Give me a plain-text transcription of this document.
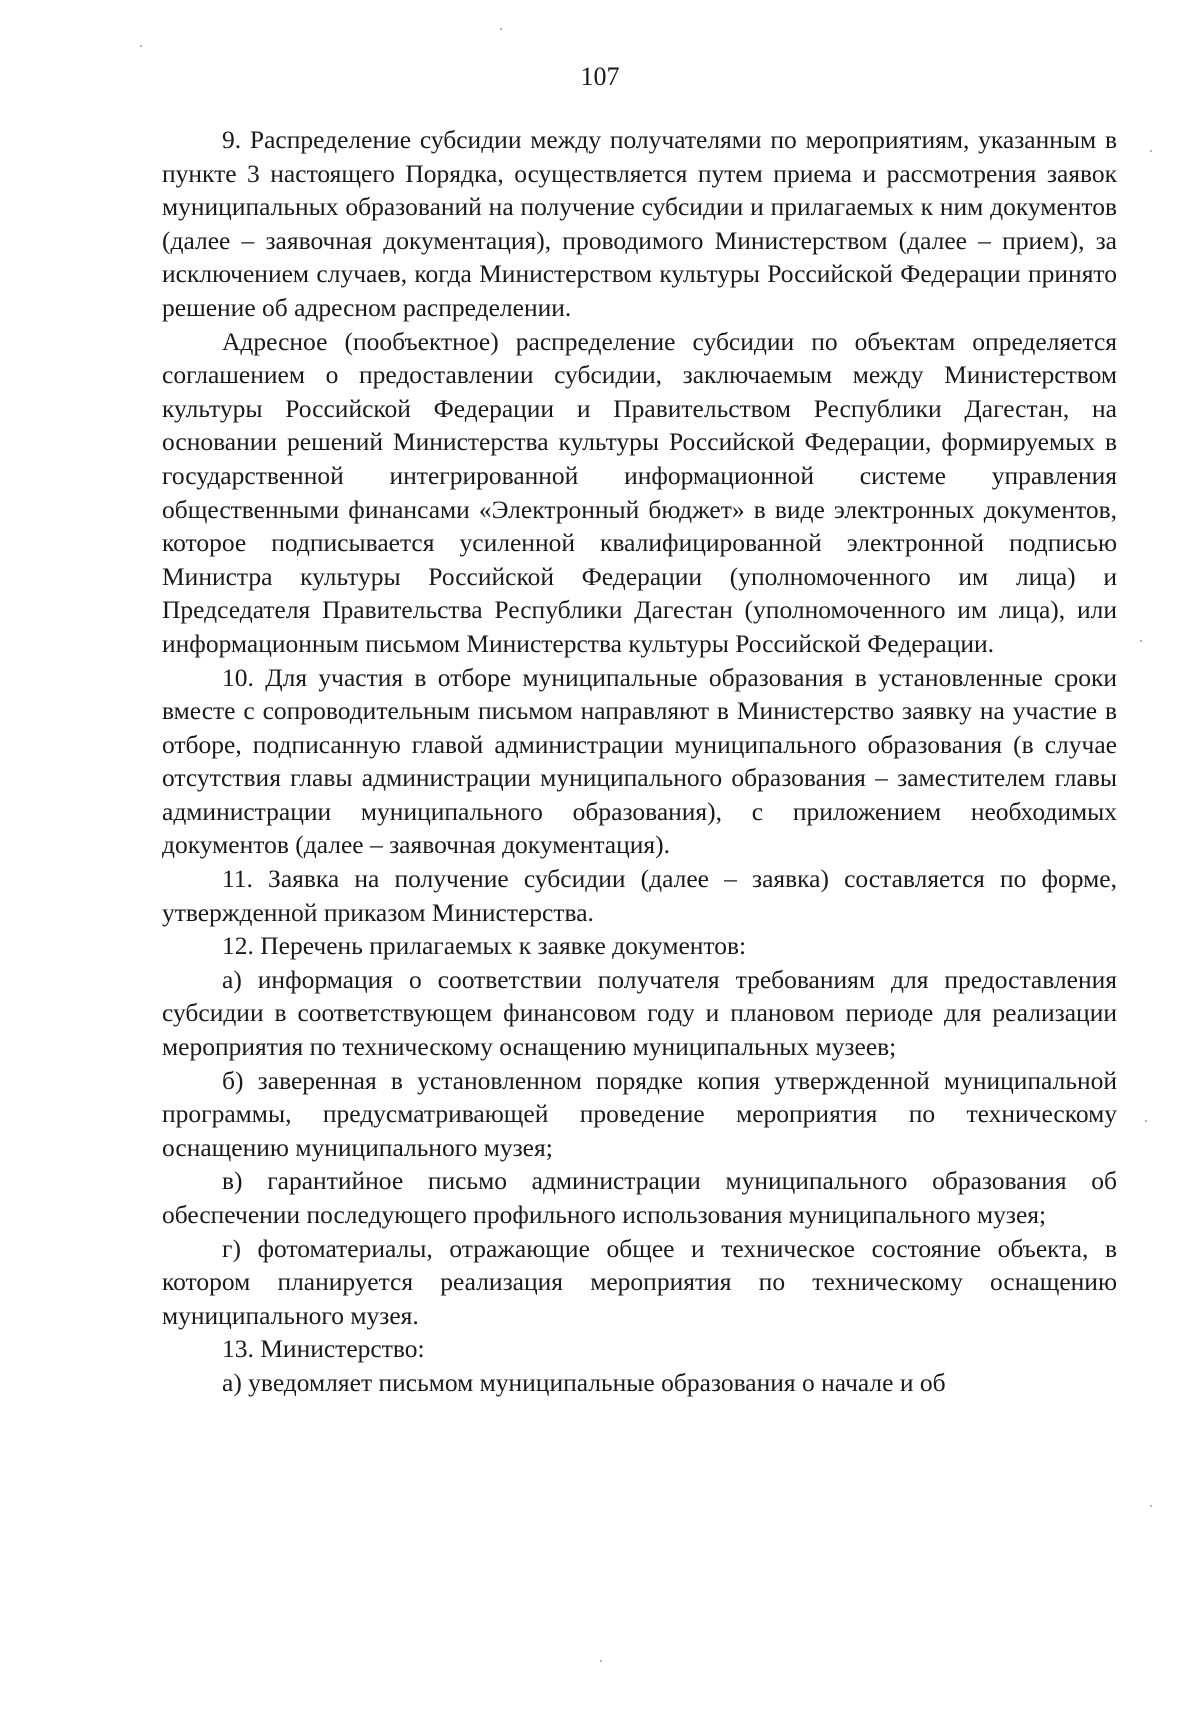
107

9. Распределение субсидии между получателями по мероприятиям, указанным в пункте 3 настоящего Порядка, осуществляется путем приема и рассмотрения заявок муниципальных образований на получение субсидии и прилагаемых к ним документов (далее – заявочная документация), проводимого Министерством (далее – прием), за исключением случаев, когда Министерством культуры Российской Федерации принято решение об адресном распределении.

Адресное (пообъектное) распределение субсидии по объектам определяется соглашением о предоставлении субсидии, заключаемым между Министерством культуры Российской Федерации и Правительством Республики Дагестан, на основании решений Министерства культуры Российской Федерации, формируемых в государственной интегрированной информационной системе управления общественными финансами «Электронный бюджет» в виде электронных документов, которое подписывается усиленной квалифицированной электронной подписью Министра культуры Российской Федерации (уполномоченного им лица) и Председателя Правительства Республики Дагестан (уполномоченного им лица), или информационным письмом Министерства культуры Российской Федерации.

10. Для участия в отборе муниципальные образования в установленные сроки вместе с сопроводительным письмом направляют в Министерство заявку на участие в отборе, подписанную главой администрации муниципального образования (в случае отсутствия главы администрации муниципального образования – заместителем главы администрации муниципального образования), с приложением необходимых документов (далее – заявочная документация).

11. Заявка на получение субсидии (далее – заявка) составляется по форме, утвержденной приказом Министерства.

12. Перечень прилагаемых к заявке документов:

а) информация о соответствии получателя требованиям для предоставления субсидии в соответствующем финансовом году и плановом периоде для реализации мероприятия по техническому оснащению муниципальных музеев;

б) заверенная в установленном порядке копия утвержденной муниципальной программы, предусматривающей проведение мероприятия по техническому оснащению муниципального музея;

в) гарантийное письмо администрации муниципального образования об обеспечении последующего профильного использования муниципального музея;

г) фотоматериалы, отражающие общее и техническое состояние объекта, в котором планируется реализация мероприятия по техническому оснащению муниципального музея.

13. Министерство:

а) уведомляет письмом муниципальные образования о начале и об
